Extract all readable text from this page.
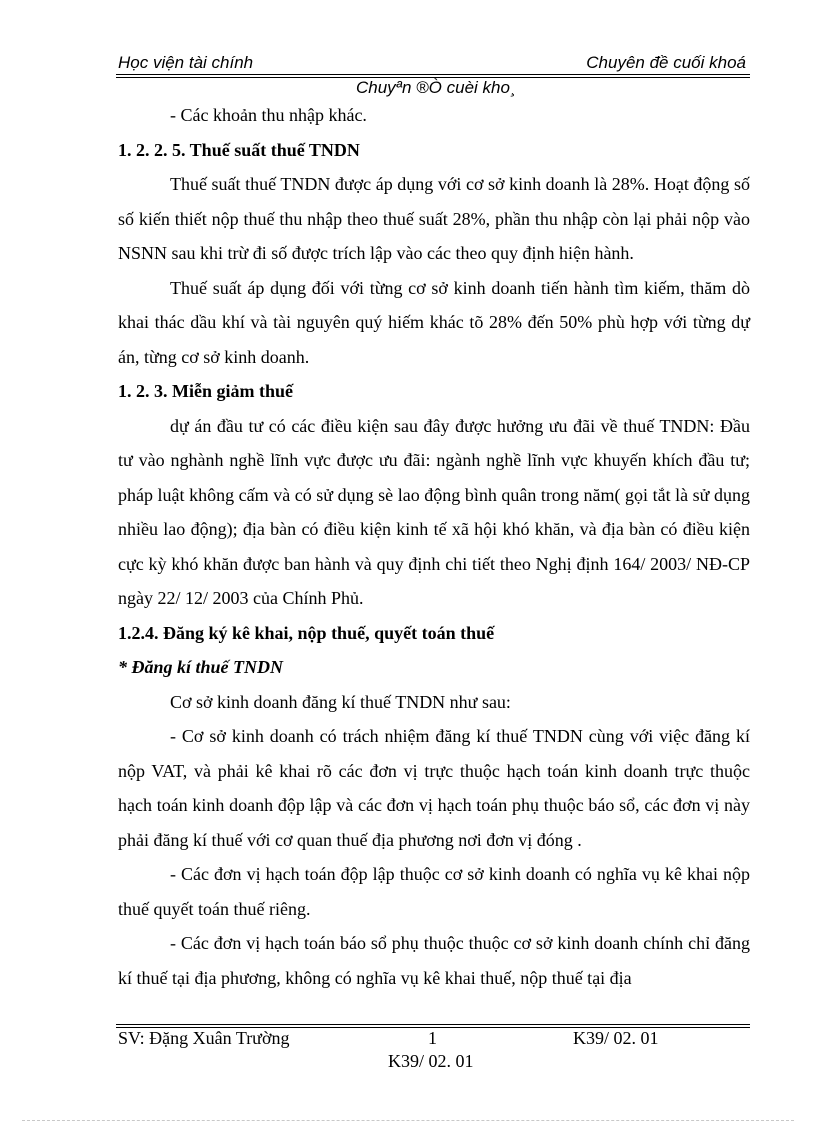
Học viện tài chính	Chuyên đề cuối khoá
Chuyªn ®Ò cuèi kho¸

- Các khoản thu nhập khác.

1. 2. 2. 5. Thuế suất thuế TNDN

Thuế suất thuế TNDN được áp dụng với cơ sở kinh doanh là 28%. Hoạt động số số kiến thiết nộp thuế thu nhập theo thuế suất 28%, phần thu nhập còn lại phải nộp vào NSNN sau khi trừ đi số được trích lập vào các theo quy định hiện hành.

Thuế suất áp dụng đối với từng cơ sở kinh doanh tiến hành tìm kiếm, thăm dò khai thác dầu khí và tài nguyên quý hiếm khác tõ 28% đến 50% phù hợp với từng dự án, từng cơ sở kinh doanh.

1. 2. 3. Miễn giảm thuế

dự án đầu tư có các điều kiện sau đây được hưởng ưu đãi về thuế TNDN: Đầu tư vào nghành nghề lĩnh vực được ưu đãi: ngành nghề lĩnh vực khuyến khích đầu tư; pháp luật không cấm và có sử dụng sè lao động bình quân trong năm( gọi tắt là sử dụng nhiều lao động); địa bàn có điều kiện kinh tế xã hội khó khăn, và địa bàn có điều kiện cực kỳ khó khăn được ban hành và quy định chi tiết theo Nghị định 164/ 2003/ NĐ-CP ngày 22/ 12/ 2003 của Chính Phủ.

1.2.4. Đăng ký kê khai, nộp thuế, quyết toán thuế

* Đăng kí thuế TNDN

Cơ sở kinh doanh đăng kí thuế TNDN như sau:

- Cơ sở kinh doanh có trách nhiệm đăng kí thuế TNDN cùng với việc đăng kí nộp VAT, và phải kê khai rõ các đơn vị trực thuộc hạch toán kinh doanh trực thuộc hạch toán kinh doanh độp lập và các đơn vị hạch toán phụ thuộc báo sổ, các đơn vị này phải đăng kí thuế với cơ quan thuế địa phương nơi đơn vị đóng .

- Các đơn vị hạch toán độp lập thuộc cơ sở kinh doanh có nghĩa vụ kê khai nộp thuế quyết toán thuế riêng.

- Các đơn vị hạch toán báo sổ phụ thuộc thuộc cơ sở kinh doanh chính chỉ đăng kí thuế tại địa phương, không có nghĩa vụ kê khai thuế, nộp thuế tại địa

SV: Đặng Xuân Trường	1	K39/ 02. 01
K39/ 02. 01
